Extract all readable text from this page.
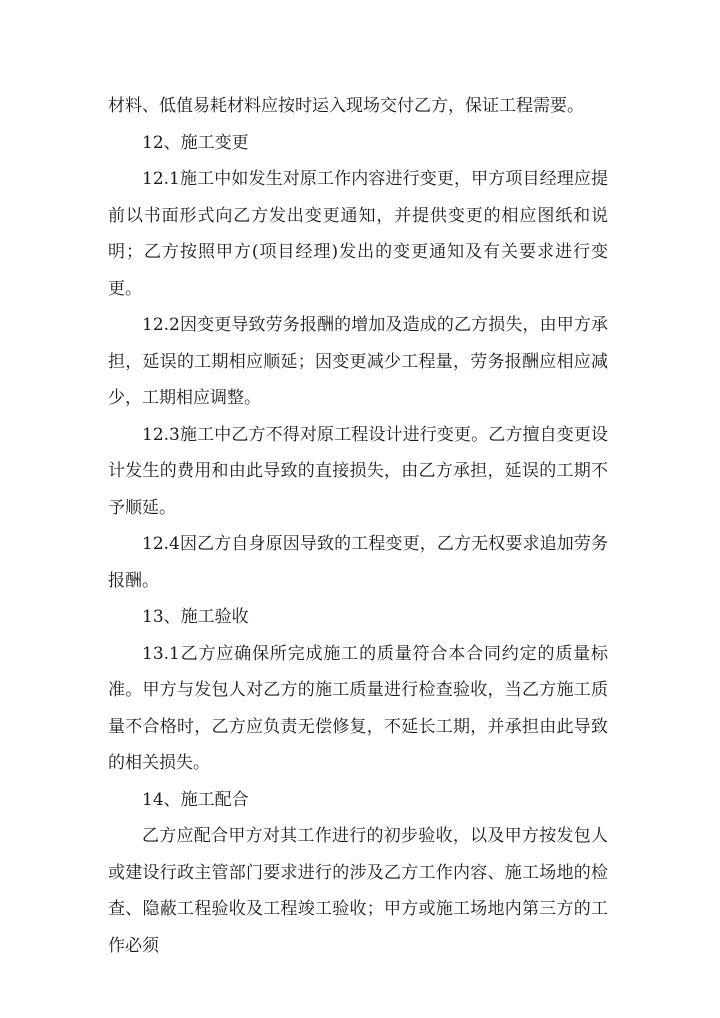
材料、低值易耗材料应按时运入现场交付乙方，保证工程需要。

12、施工变更

12.1施工中如发生对原工作内容进行变更，甲方项目经理应提前以书面形式向乙方发出变更通知，并提供变更的相应图纸和说明；乙方按照甲方(项目经理)发出的变更通知及有关要求进行变更。

12.2因变更导致劳务报酬的增加及造成的乙方损失，由甲方承担，延误的工期相应顺延；因变更减少工程量，劳务报酬应相应减少，工期相应调整。

12.3施工中乙方不得对原工程设计进行变更。乙方擅自变更设计发生的费用和由此导致的直接损失，由乙方承担，延误的工期不予顺延。

12.4因乙方自身原因导致的工程变更，乙方无权要求追加劳务报酬。

13、施工验收

13.1乙方应确保所完成施工的质量符合本合同约定的质量标准。甲方与发包人对乙方的施工质量进行检查验收，当乙方施工质量不合格时，乙方应负责无偿修复，不延长工期，并承担由此导致的相关损失。

14、施工配合

乙方应配合甲方对其工作进行的初步验收，以及甲方按发包人或建设行政主管部门要求进行的涉及乙方工作内容、施工场地的检查、隐蔽工程验收及工程竣工验收；甲方或施工场地内第三方的工作必须
